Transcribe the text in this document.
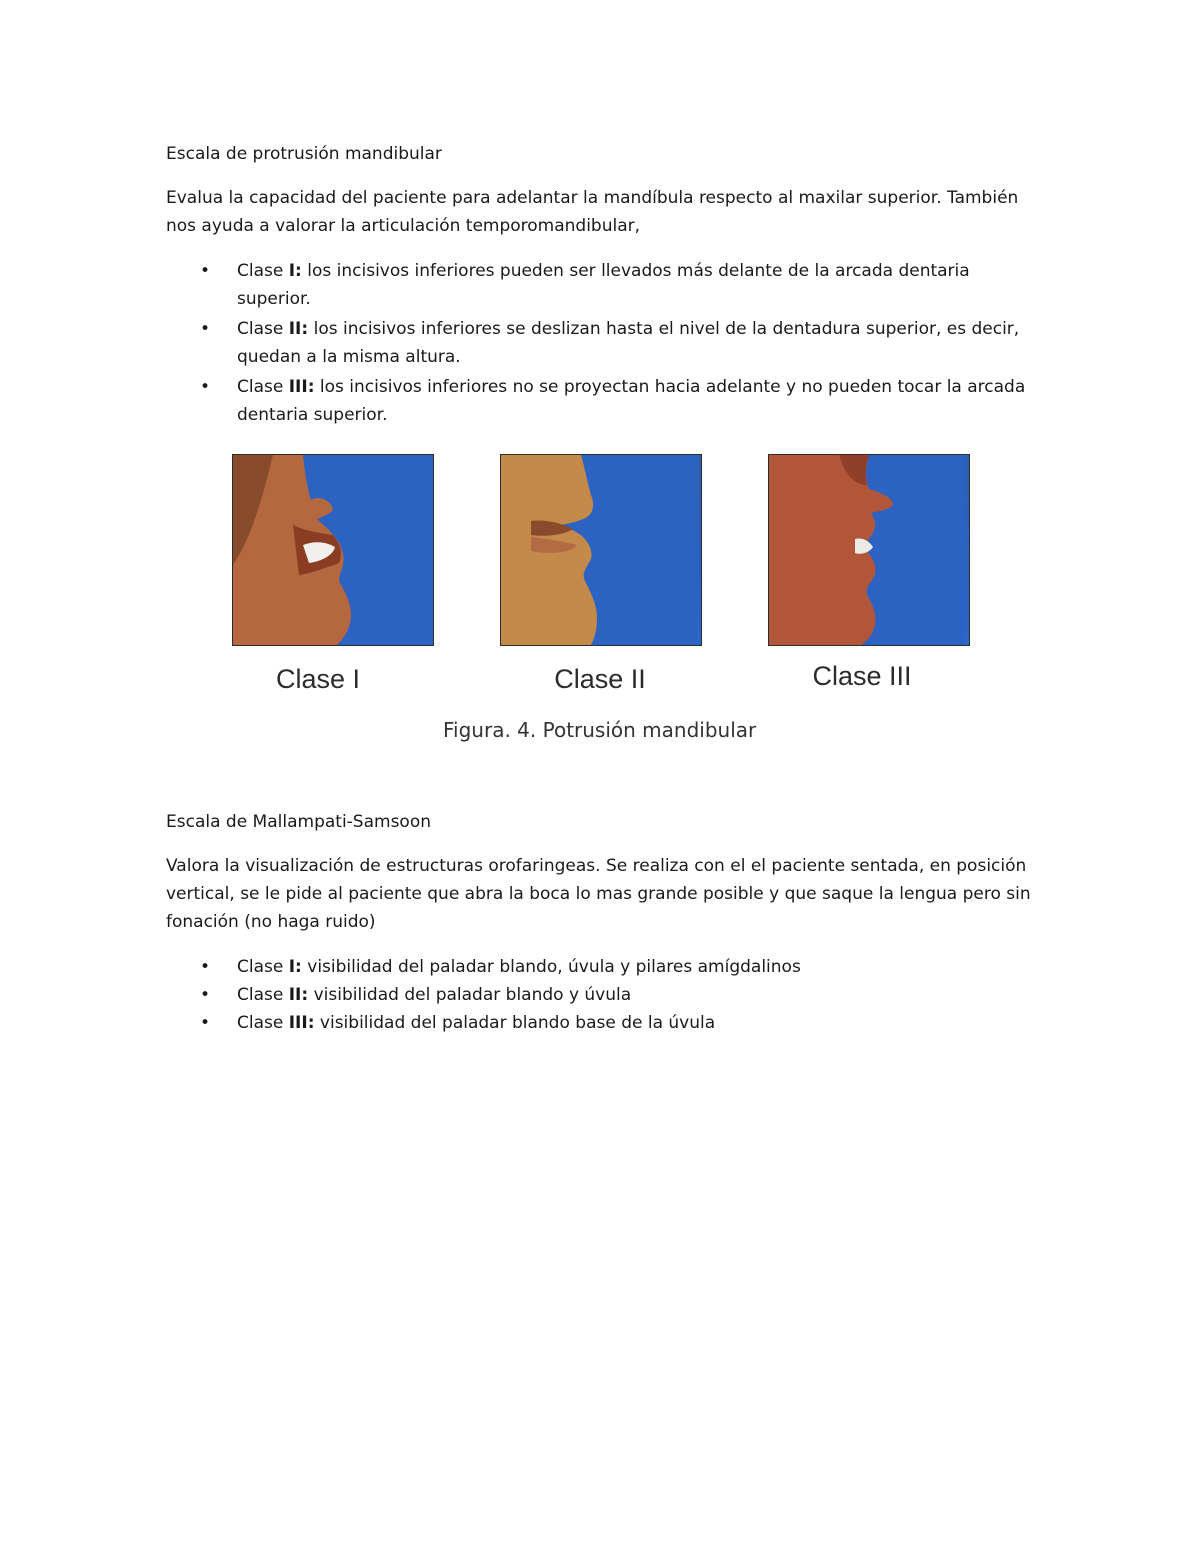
Escala de protrusión mandibular

Evalua la capacidad del paciente para adelantar la mandíbula respecto al maxilar superior. También nos ayuda a valorar la articulación temporomandibular,

• Clase I: los incisivos inferiores pueden ser llevados más delante de la arcada dentaria superior.
• Clase II: los incisivos inferiores se deslizan hasta el nivel de la dentadura superior, es decir, quedan a la misma altura.
• Clase III: los incisivos inferiores no se proyectan hacia adelante y no pueden tocar la arcada dentaria superior.
Clase I	Clase II	Clase III
Figura. 4. Potrusión mandibular
Escala de Mallampati-Samsoon

Valora la visualización de estructuras orofaringeas. Se realiza con el el paciente sentada, en posición vertical, se le pide al paciente que abra la boca lo mas grande posible y que saque la lengua pero sin fonación (no haga ruido)

• Clase I: visibilidad del paladar blando, úvula y pilares amígdalinos
• Clase II: visibilidad del paladar blando y úvula
• Clase III: visibilidad del paladar blando base de la úvula
